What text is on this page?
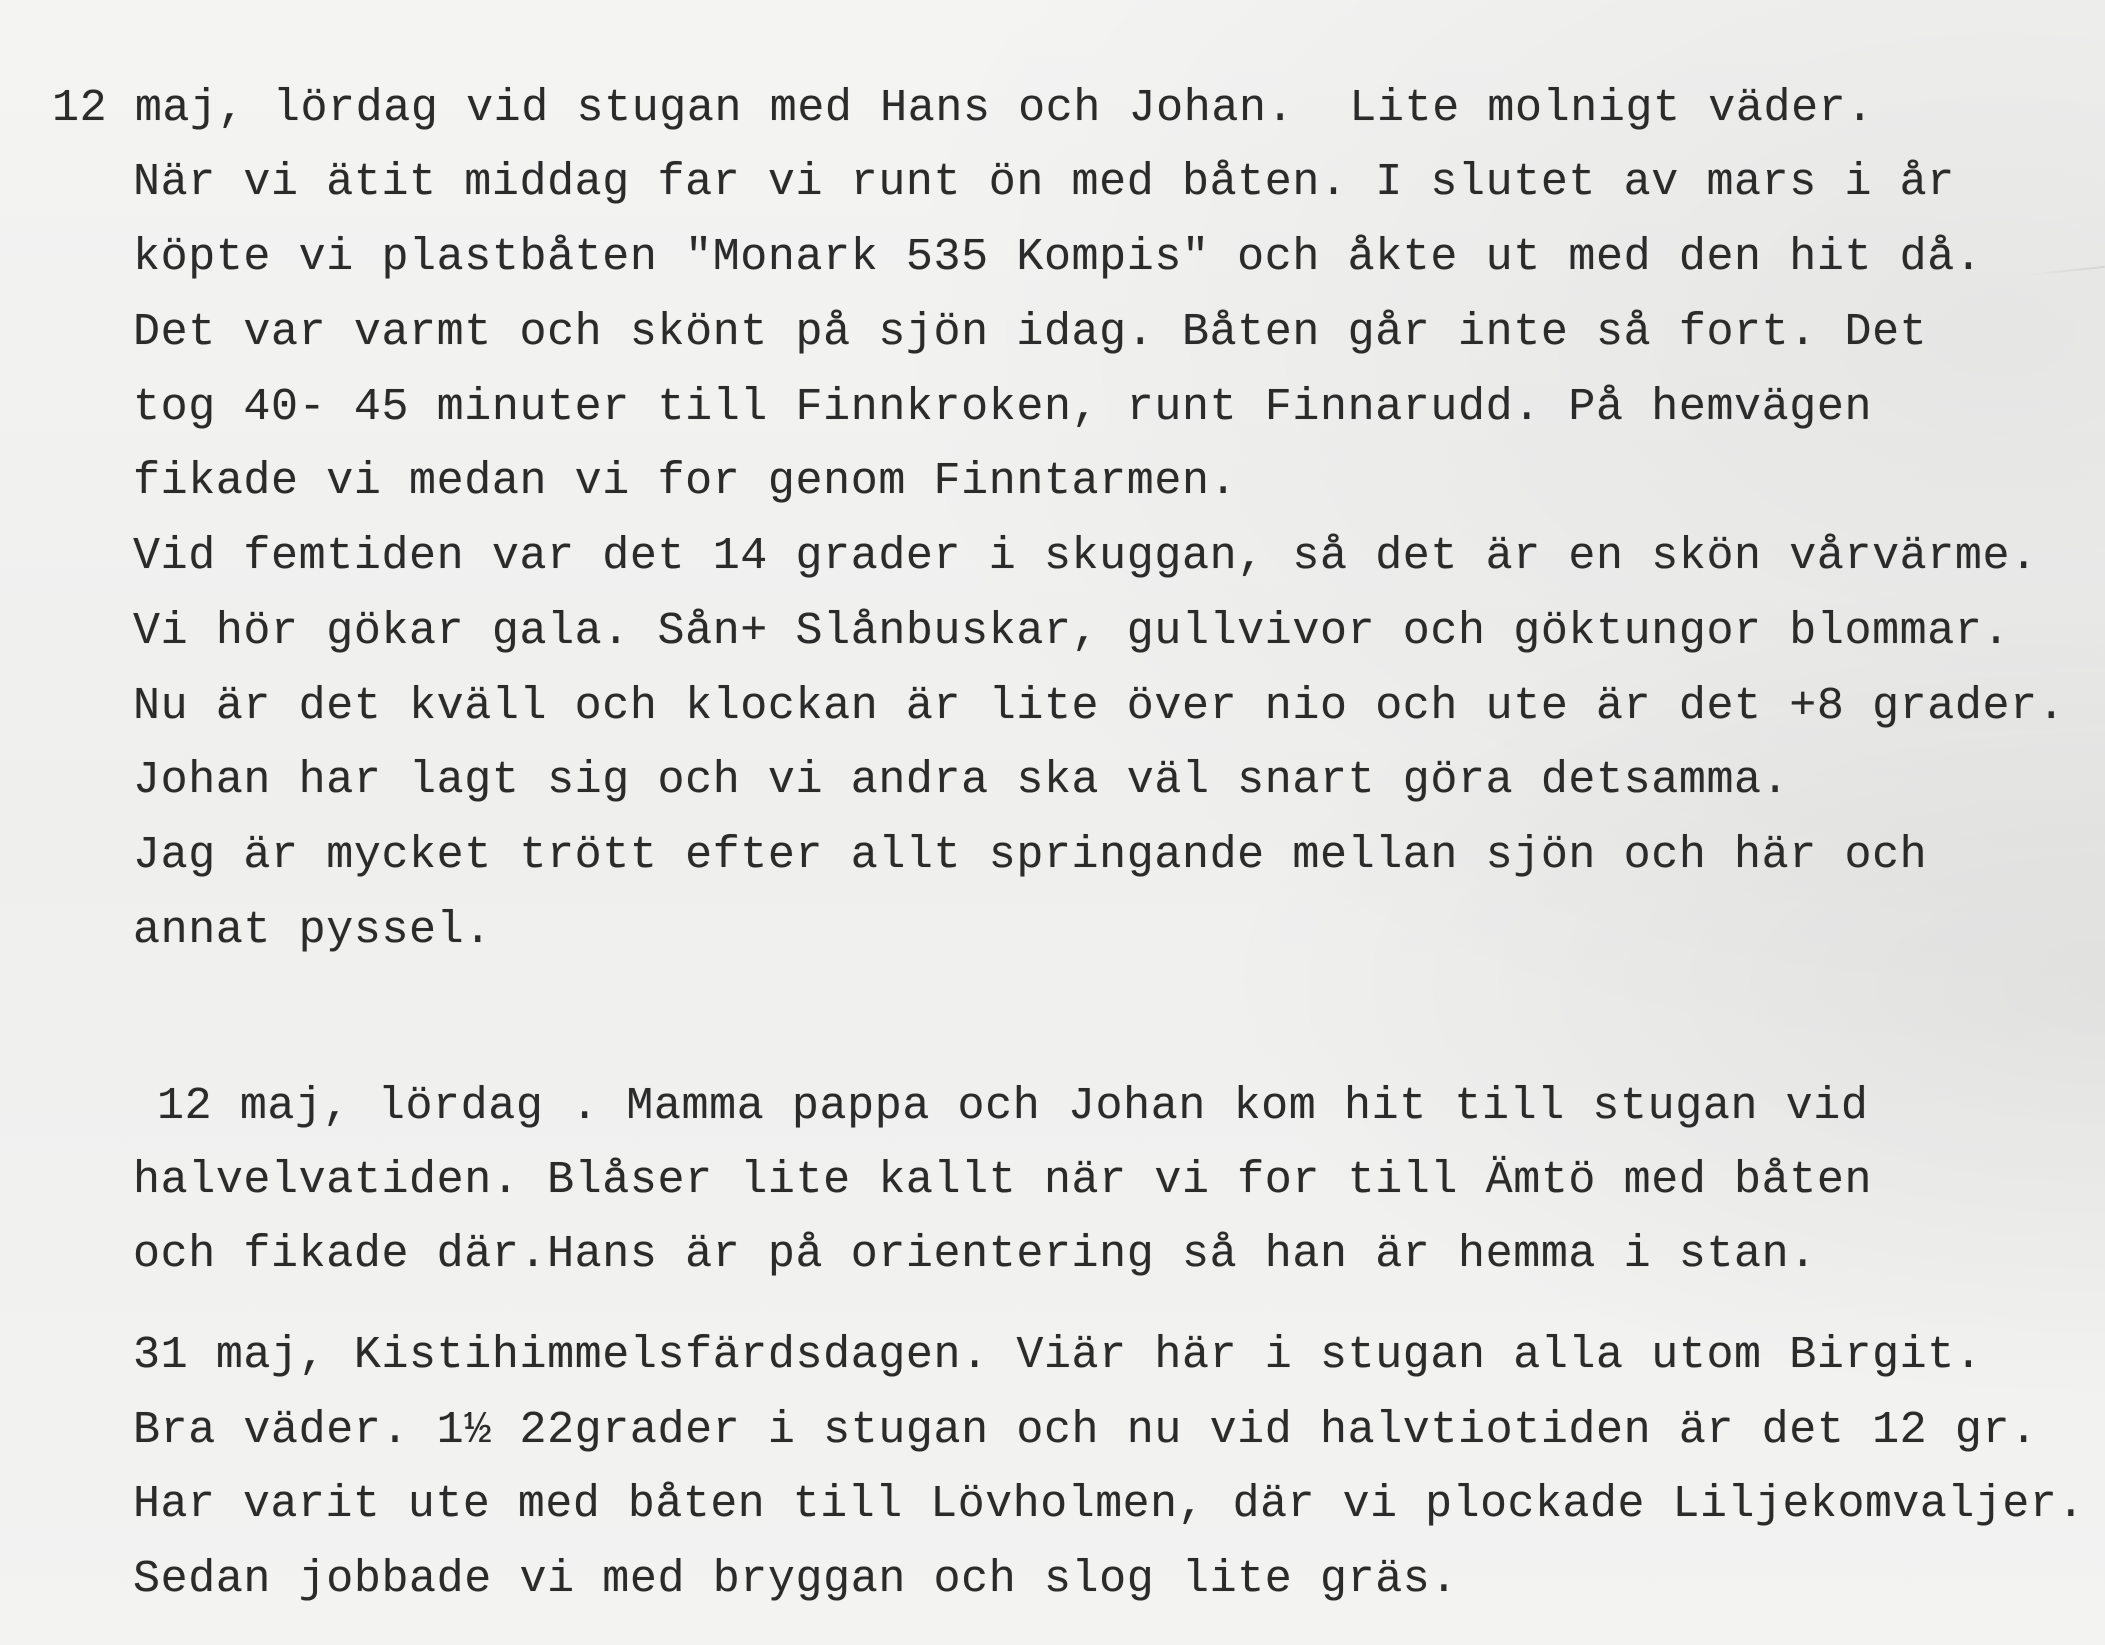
12 maj, lördag vid stugan med Hans och Johan.  Lite molnigt väder.
När vi ätit middag far vi runt ön med båten. I slutet av mars i år
köpte vi plastbåten "Monark 535 Kompis" och åkte ut med den hit då.
Det var varmt och skönt på sjön idag. Båten går inte så fort. Det
tog 40- 45 minuter till Finnkroken, runt Finnarudd. På hemvägen
fikade vi medan vi for genom Finntarmen.
Vid femtiden var det 14 grader i skuggan, så det är en skön vårvärme.
Vi hör gökar gala. Sån+ Slånbuskar, gullvivor och göktungor blommar.
Nu är det kväll och klockan är lite över nio och ute är det +8 grader.
Johan har lagt sig och vi andra ska väl snart göra detsamma.
Jag är mycket trött efter allt springande mellan sjön och här och
annat pyssel.
12 maj, lördag . Mamma pappa och Johan kom hit till stugan vid
halvelvatiden. Blåser lite kallt när vi for till Ämtö med båten
och fikade där.Hans är på orientering så han är hemma i stan.
31 maj, Kistihimmelsfärdsdagen. Viär här i stugan alla utom Birgit.
Bra väder. 1½ 22grader i stugan och nu vid halvtiotiden är det 12 gr.
Har varit ute med båten till Lövholmen, där vi plockade Liljekomvaljer.
Sedan jobbade vi med bryggan och slog lite gräs.
